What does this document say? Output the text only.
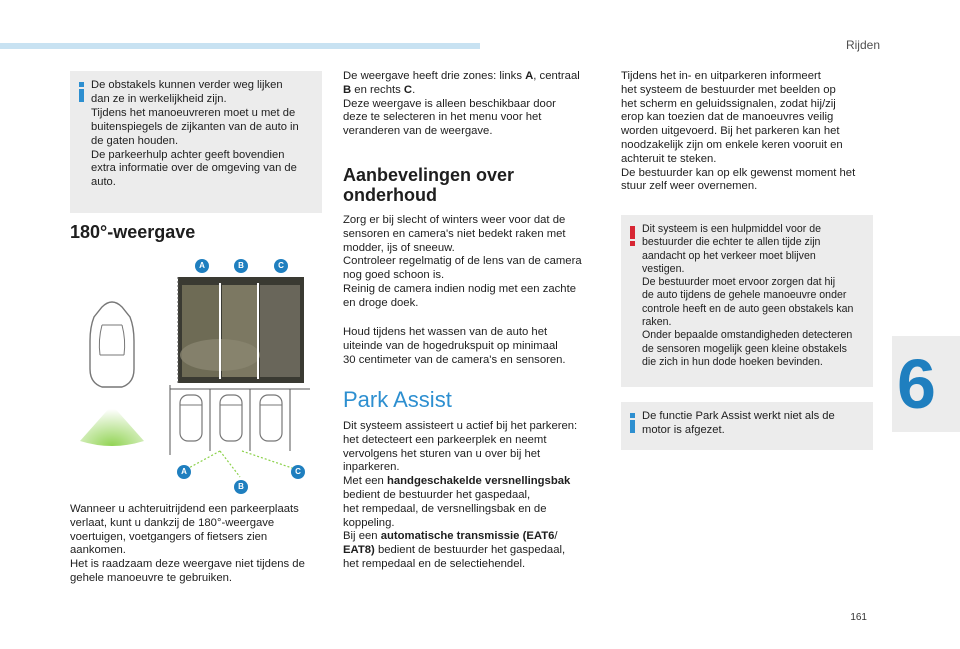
Rijden
6
161

De obstakels kunnen verder weg lijken
dan ze in werkelijkheid zijn.
Tijdens het manoeuvreren moet u met de
buitenspiegels de zijkanten van de auto in
de gaten houden.
De parkeerhulp achter geeft bovendien
extra informatie over de omgeving van de
auto.

180°-weergave
A	B	C
A
B
C
Wanneer u achteruitrijdend een parkeerplaats
verlaat, kunt u dankzij de 180°-weergave
voertuigen, voetgangers of fietsers zien
aankomen.
Het is raadzaam deze weergave niet tijdens de
gehele manoeuvre te gebruiken.
De weergave heeft drie zones: links A, centraal
B en rechts C.
Deze weergave is alleen beschikbaar door
deze te selecteren in het menu voor het
veranderen van de weergave.
Aanbevelingen over
onderhoud
Zorg er bij slecht of winters weer voor dat de
sensoren en camera's niet bedekt raken met
modder, ijs of sneeuw.
Controleer regelmatig of de lens van de camera
nog goed schoon is.
Reinig de camera indien nodig met een zachte
en droge doek.
Houd tijdens het wassen van de auto het
uiteinde van de hogedrukspuit op minimaal
30 centimeter van de camera's en sensoren.
Park Assist
Dit systeem assisteert u actief bij het parkeren:
het detecteert een parkeerplek en neemt
vervolgens het sturen van u over bij het
inparkeren.
Met een handgeschakelde versnellingsbak
bedient de bestuurder het gaspedaal,
het rempedaal, de versnellingsbak en de
koppeling.
Bij een automatische transmissie (EAT6/
EAT8) bedient de bestuurder het gaspedaal,
het rempedaal en de selectiehendel.
Tijdens het in- en uitparkeren informeert
het systeem de bestuurder met beelden op
het scherm en geluidssignalen, zodat hij/zij
erop kan toezien dat de manoeuvres veilig
worden uitgevoerd. Bij het parkeren kan het
noodzakelijk zijn om enkele keren vooruit en
achteruit te steken.
De bestuurder kan op elk gewenst moment het
stuur zelf weer overnemen.

Dit systeem is een hulpmiddel voor de
bestuurder die echter te allen tijde zijn
aandacht op het verkeer moet blijven
vestigen.
De bestuurder moet ervoor zorgen dat hij
de auto tijdens de gehele manoeuvre onder
controle heeft en de auto geen obstakels kan
raken.
Onder bepaalde omstandigheden detecteren
de sensoren mogelijk geen kleine obstakels
die zich in hun dode hoeken bevinden.

De functie Park Assist werkt niet als de
motor is afgezet.
